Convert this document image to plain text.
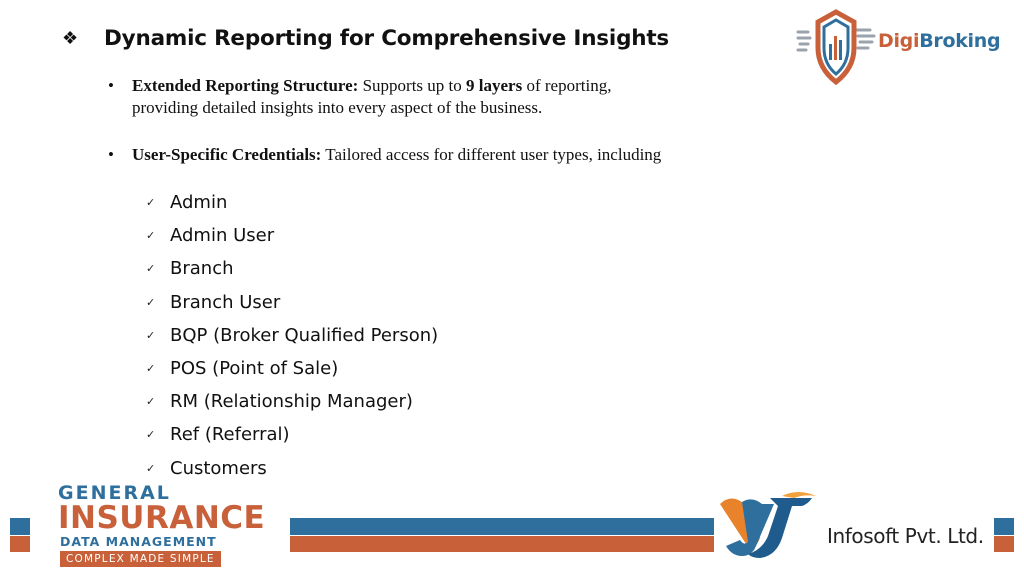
❖	Dynamic Reporting for Comprehensive Insights
•	Extended Reporting Structure: Supports up to 9 layers of reporting,
providing detailed insights into every aspect of the business.
•	User-Specific Credentials: Tailored access for different user types, including
✓ Admin
✓ Admin User
✓ Branch
✓ Branch User
✓ BQP (Broker Qualified Person)
✓ POS (Point of Sale)
✓ RM (Relationship Manager)
✓ Ref (Referral)
✓ Customers
DigiBroking
GENERAL
INSURANCE
DATA MANAGEMENT
COMPLEX MADE SIMPLE
Infosoft Pvt. Ltd.
